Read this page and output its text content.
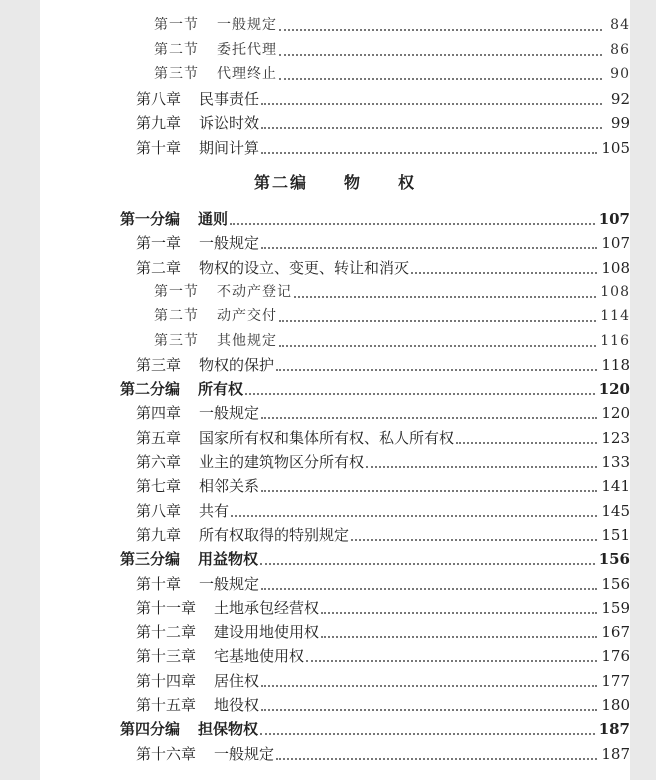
第一节 一般规定	84
第二节 委托代理	86
第三节 代理终止	90
第八章 民事责任	92
第九章 诉讼时效	99
第十章 期间计算	105
第二编 物 权
第一分编 通则	107
第一章 一般规定	107
第二章 物权的设立、变更、转让和消灭	108
第一节 不动产登记	108
第二节 动产交付	114
第三节 其他规定	116
第三章 物权的保护	118
第二分编 所有权	120
第四章 一般规定	120
第五章 国家所有权和集体所有权、私人所有权	123
第六章 业主的建筑物区分所有权	133
第七章 相邻关系	141
第八章 共有	145
第九章 所有权取得的特别规定	151
第三分编 用益物权	156
第十章 一般规定	156
第十一章 土地承包经营权	159
第十二章 建设用地使用权	167
第十三章 宅基地使用权	176
第十四章 居住权	177
第十五章 地役权	180
第四分编 担保物权	187
第十六章 一般规定	187
